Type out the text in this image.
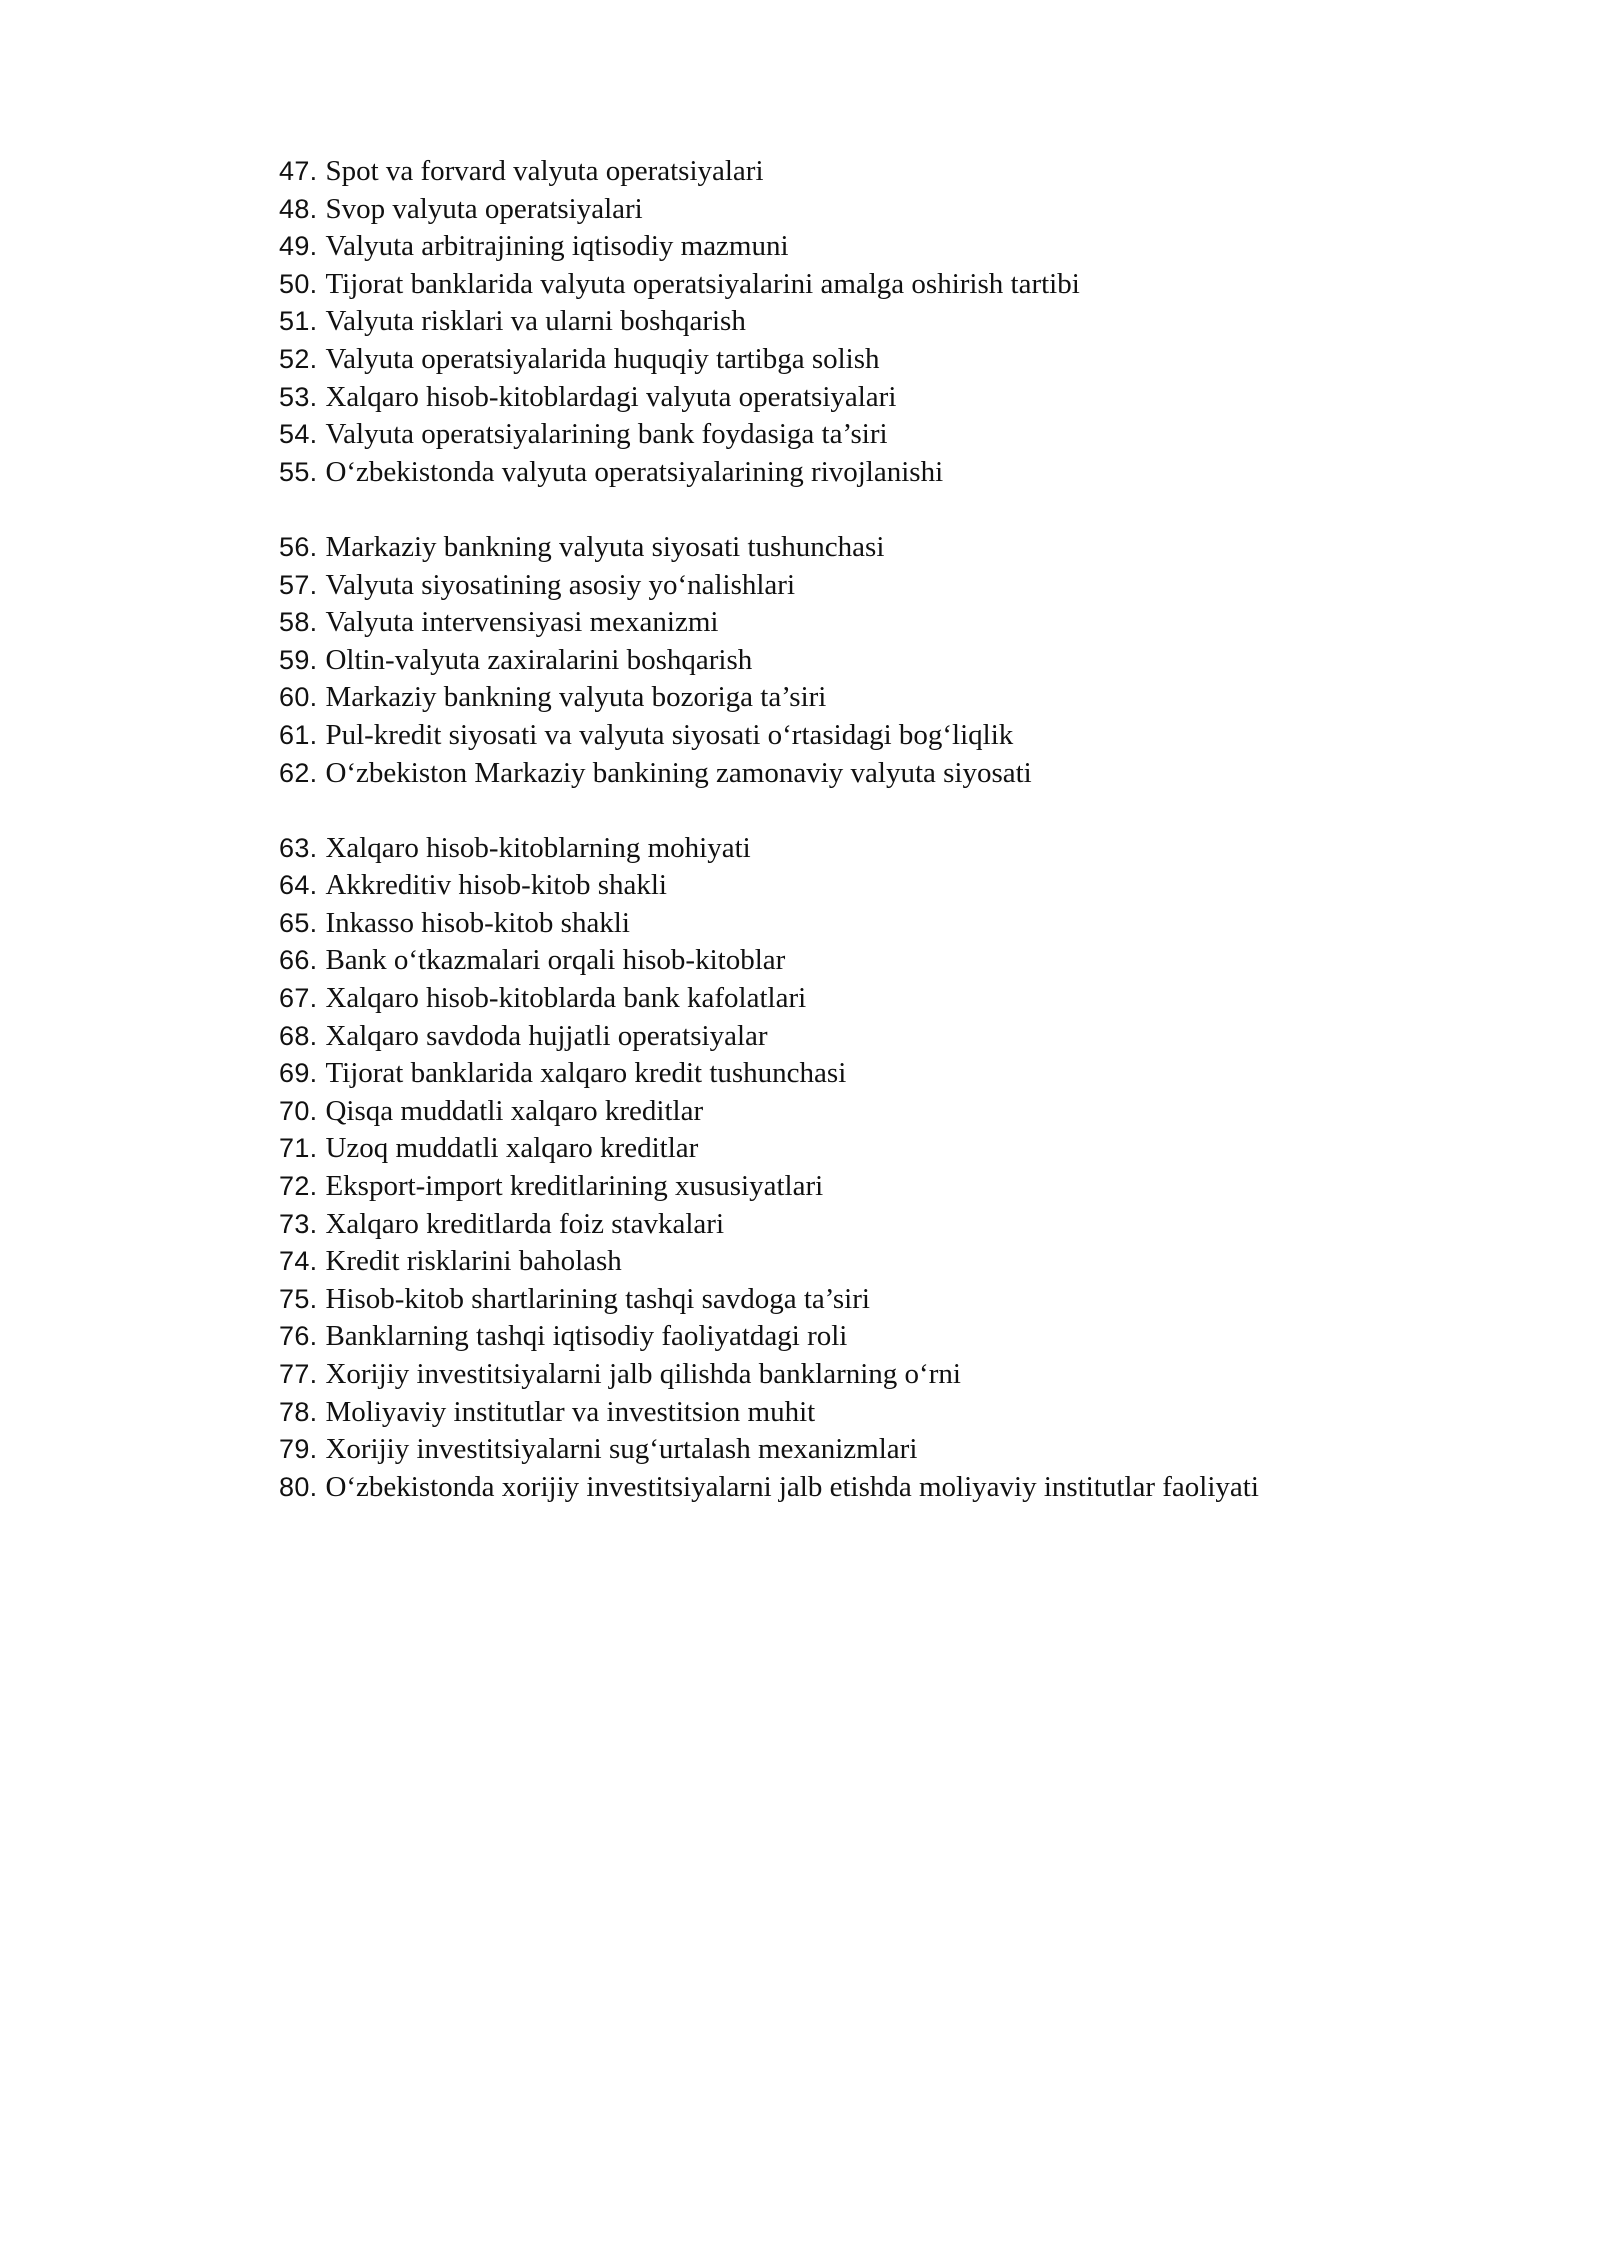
47. Spot va forvard valyuta operatsiyalari
48. Svop valyuta operatsiyalari
49. Valyuta arbitrajining iqtisodiy mazmuni
50. Tijorat banklarida valyuta operatsiyalarini amalga oshirish tartibi
51. Valyuta risklari va ularni boshqarish
52. Valyuta operatsiyalarida huquqiy tartibga solish
53. Xalqaro hisob-kitoblardagi valyuta operatsiyalari
54. Valyuta operatsiyalarining bank foydasiga ta’siri
55. O‘zbekistonda valyuta operatsiyalarining rivojlanishi
56. Markaziy bankning valyuta siyosati tushunchasi
57. Valyuta siyosatining asosiy yo‘nalishlari
58. Valyuta intervensiyasi mexanizmi
59. Oltin-valyuta zaxiralarini boshqarish
60. Markaziy bankning valyuta bozoriga ta’siri
61. Pul-kredit siyosati va valyuta siyosati o‘rtasidagi bog‘liqlik
62. O‘zbekiston Markaziy bankining zamonaviy valyuta siyosati
63. Xalqaro hisob-kitoblarning mohiyati
64. Akkreditiv hisob-kitob shakli
65. Inkasso hisob-kitob shakli
66. Bank o‘tkazmalari orqali hisob-kitoblar
67. Xalqaro hisob-kitoblarda bank kafolatlari
68. Xalqaro savdoda hujjatli operatsiyalar
69. Tijorat banklarida xalqaro kredit tushunchasi
70. Qisqa muddatli xalqaro kreditlar
71. Uzoq muddatli xalqaro kreditlar
72. Eksport-import kreditlarining xususiyatlari
73. Xalqaro kreditlarda foiz stavkalari
74. Kredit risklarini baholash
75. Hisob-kitob shartlarining tashqi savdoga ta’siri
76. Banklarning tashqi iqtisodiy faoliyatdagi roli
77. Xorijiy investitsiyalarni jalb qilishda banklarning o‘rni
78. Moliyaviy institutlar va investitsion muhit
79. Xorijiy investitsiyalarni sug‘urtalash mexanizmlari
80. O‘zbekistonda xorijiy investitsiyalarni jalb etishda moliyaviy institutlar faoliyati
